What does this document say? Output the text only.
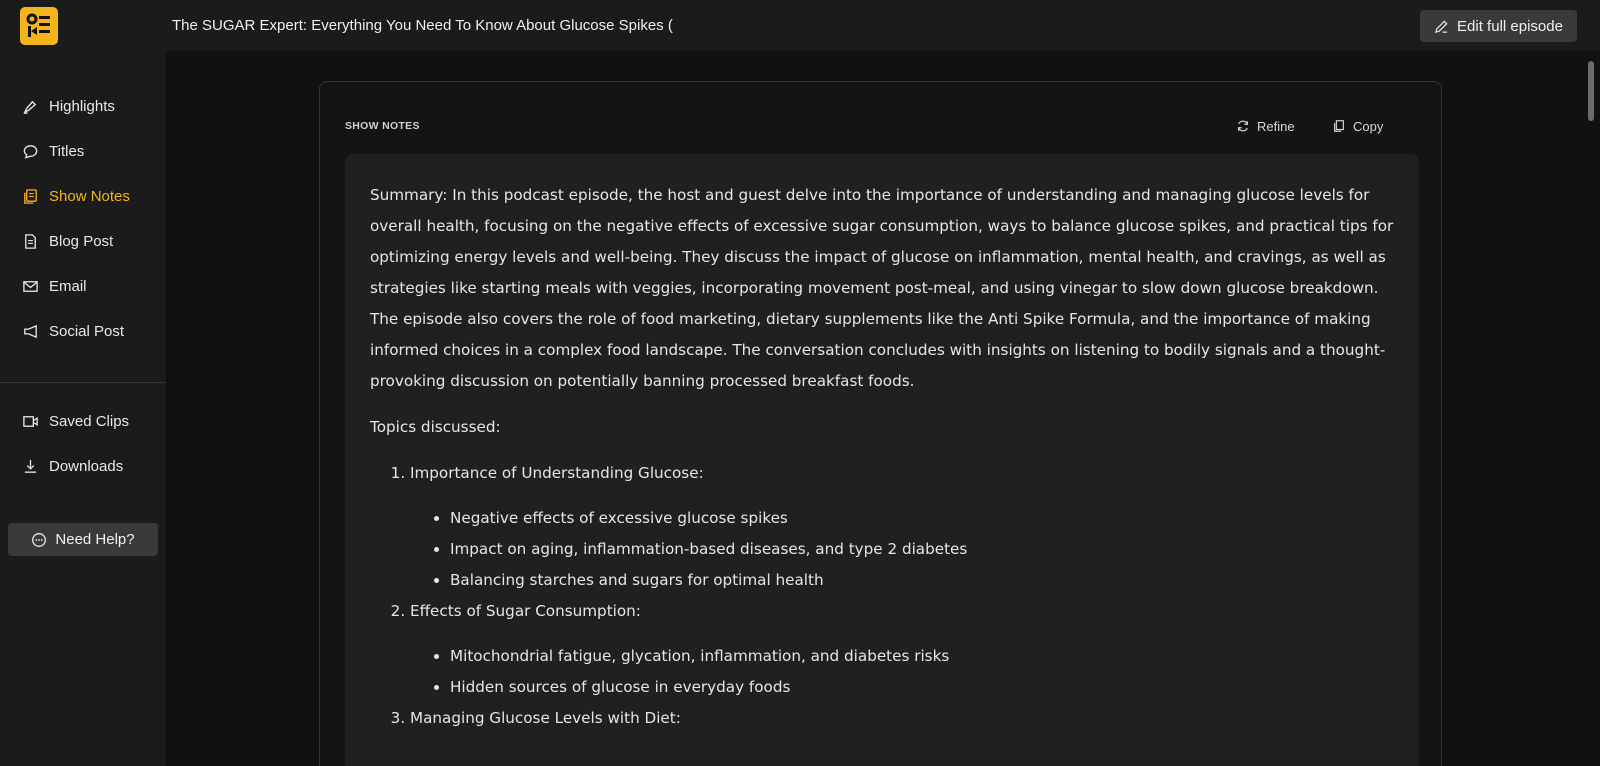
The SUGAR Expert: Everything You Need To Know About Glucose Spikes (	Edit full episode
Highlights
Titles
Show Notes
Blog Post
Email
Social Post
Saved Clips
Downloads
Need Help?
SHOW NOTES	Refine	Copy

Summary: In this podcast episode, the host and guest delve into the importance of understanding and managing glucose levels for overall health, focusing on the negative effects of excessive sugar consumption, ways to balance glucose spikes, and practical tips for optimizing energy levels and well-being. They discuss the impact of glucose on inflammation, mental health, and cravings, as well as strategies like starting meals with veggies, incorporating movement post-meal, and using vinegar to slow down glucose breakdown. The episode also covers the role of food marketing, dietary supplements like the Anti Spike Formula, and the importance of making informed choices in a complex food landscape. The conversation concludes with insights on listening to bodily signals and a thought-provoking discussion on potentially banning processed breakfast foods.

Topics discussed:

1. Importance of Understanding Glucose:
• Negative effects of excessive glucose spikes
• Impact on aging, inflammation-based diseases, and type 2 diabetes
• Balancing starches and sugars for optimal health
2. Effects of Sugar Consumption:
• Mitochondrial fatigue, glycation, inflammation, and diabetes risks
• Hidden sources of glucose in everyday foods
3. Managing Glucose Levels with Diet:
